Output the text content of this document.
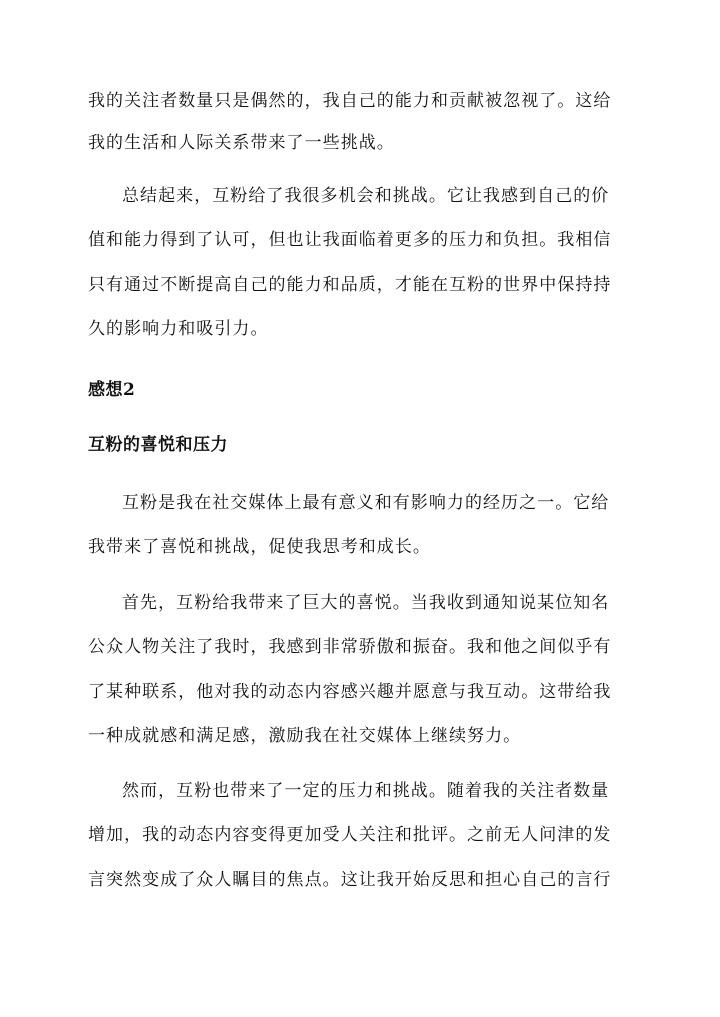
我的关注者数量只是偶然的，我自己的能力和贡献被忽视了。这给
我的生活和人际关系带来了一些挑战。
总结起来，互粉给了我很多机会和挑战。它让我感到自己的价
值和能力得到了认可，但也让我面临着更多的压力和负担。我相信
只有通过不断提高自己的能力和品质，才能在互粉的世界中保持持
久的影响力和吸引力。
感想2
互粉的喜悦和压力
互粉是我在社交媒体上最有意义和有影响力的经历之一。它给
我带来了喜悦和挑战，促使我思考和成长。
首先，互粉给我带来了巨大的喜悦。当我收到通知说某位知名
公众人物关注了我时，我感到非常骄傲和振奋。我和他之间似乎有
了某种联系，他对我的动态内容感兴趣并愿意与我互动。这带给我
一种成就感和满足感，激励我在社交媒体上继续努力。
然而，互粉也带来了一定的压力和挑战。随着我的关注者数量
增加，我的动态内容变得更加受人关注和批评。之前无人问津的发
言突然变成了众人瞩目的焦点。这让我开始反思和担心自己的言行
